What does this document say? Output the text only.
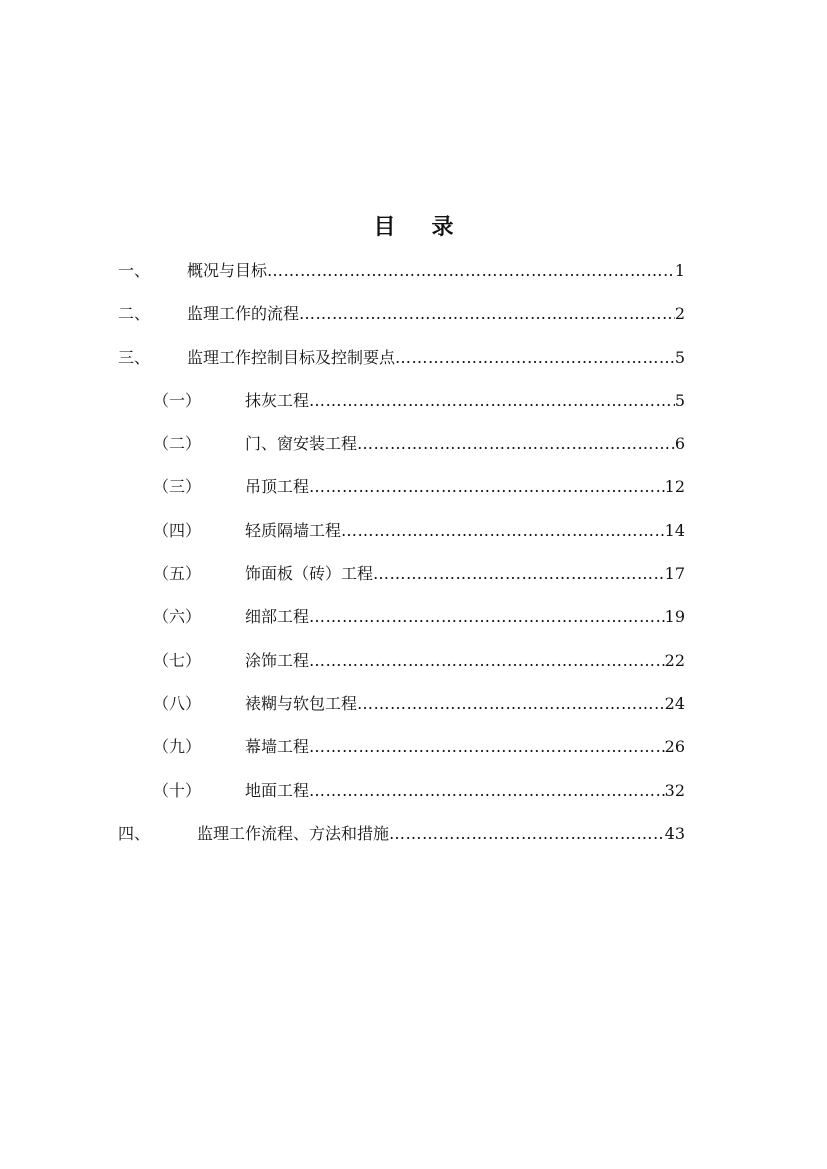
目 录
一、 概况与目标 ……………………………………………………………………………………………………………………………………………	1
二、 监理工作的流程 ……………………………………………………………………………………………………………………………………………	2
三、 监理工作控制目标及控制要点 ……………………………………………………………………………………………………………………………………………	5
（一）	抹灰工程 ……………………………………………………………………………………………………………………………………………	5
（二）	门、窗安装工程 ……………………………………………………………………………………………………………………………………………	6
（三）	吊顶工程 ……………………………………………………………………………………………………………………………………………	12
（四）	轻质隔墙工程 ……………………………………………………………………………………………………………………………………………	14
（五）	饰面板（砖）工程 ……………………………………………………………………………………………………………………………………………	17
（六）	细部工程 ……………………………………………………………………………………………………………………………………………	19
（七）	涂饰工程 ……………………………………………………………………………………………………………………………………………	22
（八）	裱糊与软包工程 ……………………………………………………………………………………………………………………………………………	24
（九）	幕墙工程 ……………………………………………………………………………………………………………………………………………	26
（十）	地面工程 ……………………………………………………………………………………………………………………………………………	32
四、	监理工作流程、方法和措施 ……………………………………………………………………………………………………………………………………………	43
